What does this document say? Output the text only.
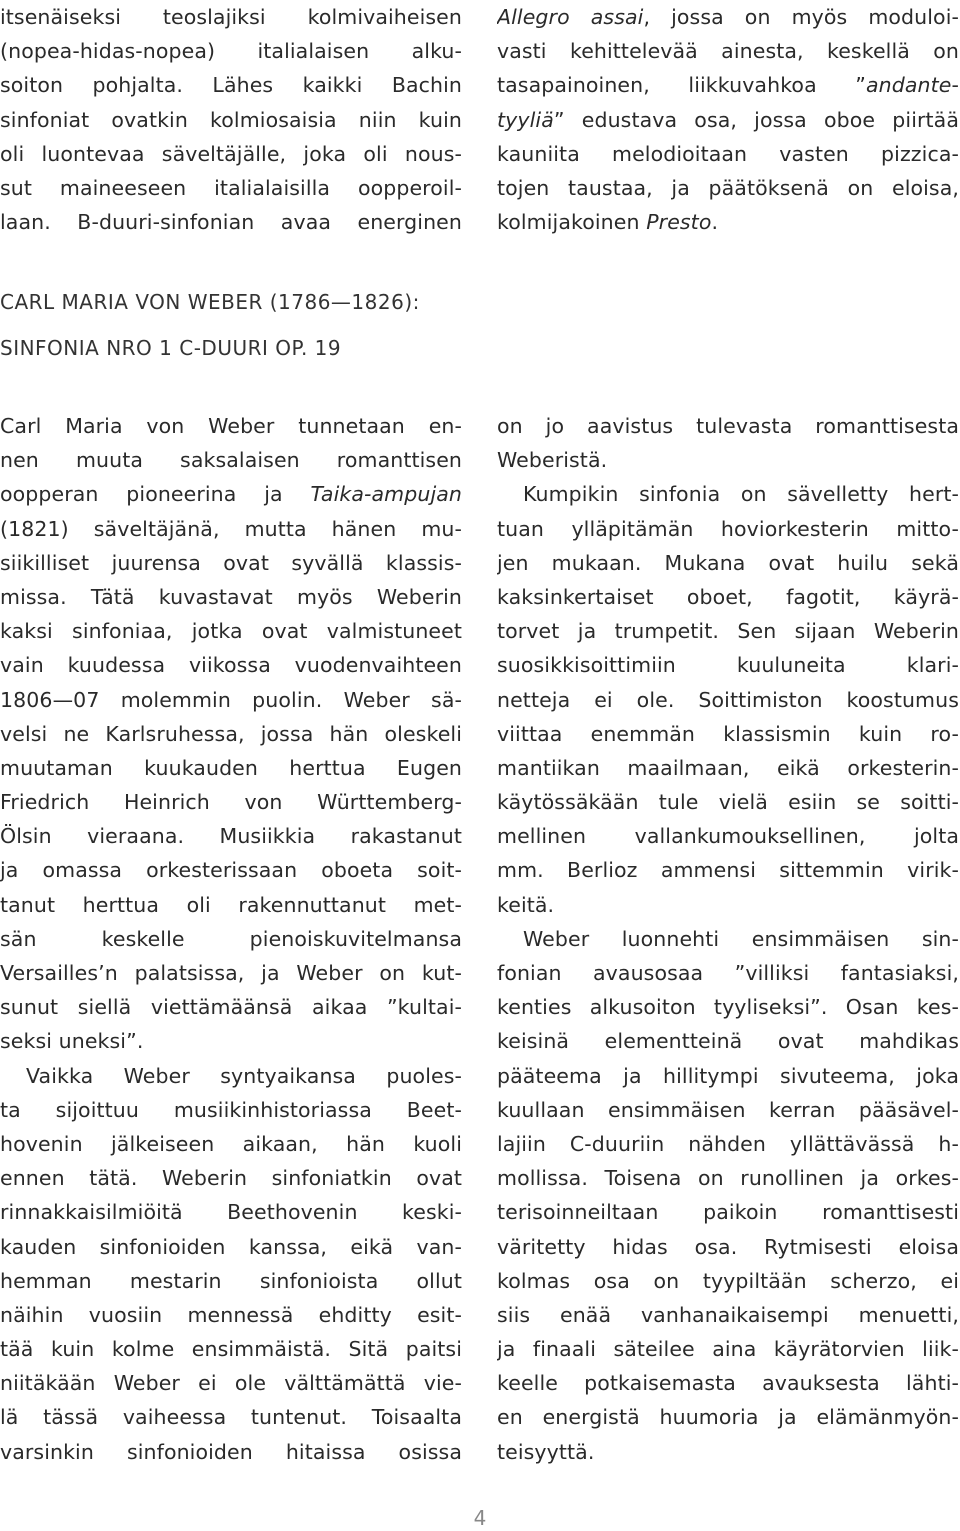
itsenäiseksi teoslajiksi kolmivaiheisen
(nopea-hidas-nopea) italialaisen alku-
soiton pohjalta. Lähes kaikki Bachin
sinfoniat ovatkin kolmiosaisia niin kuin
oli luontevaa säveltäjälle, joka oli nous-
sut maineeseen italialaisilla oopperoil-
laan. B-duuri-sinfonian avaa energinen
Allegro assai, jossa on myös moduloi-
vasti kehittelevää ainesta, keskellä on
tasapainoinen, liikkuvahkoa ”andante-
tyyliä” edustava osa, jossa oboe piirtää
kauniita melodioitaan vasten pizzica-
tojen taustaa, ja päätöksenä on eloisa,
kolmijakoinen Presto.
CARL MARIA VON WEBER (1786—1826):
SINFONIA NRO 1 C-DUURI OP. 19
Carl Maria von Weber tunnetaan en-
nen muuta saksalaisen romanttisen
oopperan pioneerina ja Taika-ampujan
(1821) säveltäjänä, mutta hänen mu-
siikilliset juurensa ovat syvällä klassis-
missa. Tätä kuvastavat myös Weberin
kaksi sinfoniaa, jotka ovat valmistuneet
vain kuudessa viikossa vuodenvaihteen
1806—07 molemmin puolin. Weber sä-
velsi ne Karlsruhessa, jossa hän oleskeli
muutaman kuukauden herttua Eugen
Friedrich Heinrich von Württemberg-
Ölsin vieraana. Musiikkia rakastanut
ja omassa orkesterissaan oboeta soit-
tanut herttua oli rakennuttanut met-
sän keskelle pienoiskuvitelmansa
Versailles’n palatsissa, ja Weber on kut-
sunut siellä viettämäänsä aikaa ”kultai-
seksi uneksi”.
Vaikka Weber syntyaikansa puoles-
ta sijoittuu musiikinhistoriassa Beet-
hovenin jälkeiseen aikaan, hän kuoli
ennen tätä. Weberin sinfoniatkin ovat
rinnakkaisilmiöitä Beethovenin keski-
kauden sinfonioiden kanssa, eikä van-
hemman mestarin sinfonioista ollut
näihin vuosiin mennessä ehditty esit-
tää kuin kolme ensimmäistä. Sitä paitsi
niitäkään Weber ei ole välttämättä vie-
lä tässä vaiheessa tuntenut. Toisaalta
varsinkin sinfonioiden hitaissa osissa
on jo aavistus tulevasta romanttisesta
Weberistä.
Kumpikin sinfonia on sävelletty hert-
tuan ylläpitämän hoviorkesterin mitto-
jen mukaan. Mukana ovat huilu sekä
kaksinkertaiset oboet, fagotit, käyrä-
torvet ja trumpetit. Sen sijaan Weberin
suosikkisoittimiin kuuluneita klari-
netteja ei ole. Soittimiston koostumus
viittaa enemmän klassismin kuin ro-
mantiikan maailmaan, eikä orkesterin-
käytössäkään tule vielä esiin se soitti-
mellinen vallankumouksellinen, jolta
mm. Berlioz ammensi sittemmin virik-
keitä.
Weber luonnehti ensimmäisen sin-
fonian avausosaa ”villiksi fantasiaksi,
kenties alkusoiton tyyliseksi”. Osan kes-
keisinä elementteinä ovat mahdikas
pääteema ja hillitympi sivuteema, joka
kuullaan ensimmäisen kerran pääsävel-
lajiin C-duuriin nähden yllättävässä h-
mollissa. Toisena on runollinen ja orkes-
terisoinneiltaan paikoin romanttisesti
väritetty hidas osa. Rytmisesti eloisa
kolmas osa on tyypiltään scherzo, ei
siis enää vanhanaikaisempi menuetti,
ja finaali säteilee aina käyrätorvien liik-
keelle potkaisemasta avauksesta lähti-
en energistä huumoria ja elämänmyön-
teisyyttä.
4
